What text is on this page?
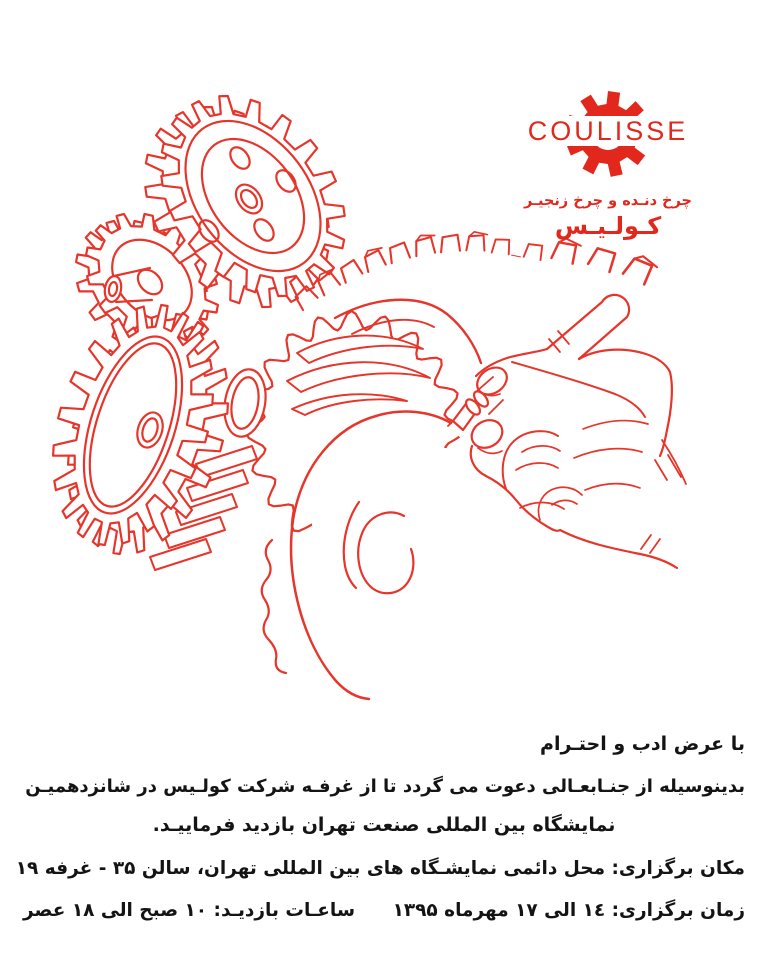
COULISSE
چرخ دنـده و چرخ زنجیـر
کـولـیـس
با عرض ادب و احتـرام
بدینوسیله از جنـابعـالی دعوت می گردد تا از غرفـه شرکت کولـیس در شانزدهمیـن
نمایشگاه بین المللی صنعت تهران بازدید فرماییـد.
مکان برگزاری: محل دائمی نمایشـگاه های بین المللی تهران، سالن ۳۵ - غرفه ۱۹
زمان برگزاری: ۱٤ الی ۱۷ مهرماه ۱۳۹۵
ساعـات بازدیـد: ۱۰ صبح الی ۱۸ عصر
